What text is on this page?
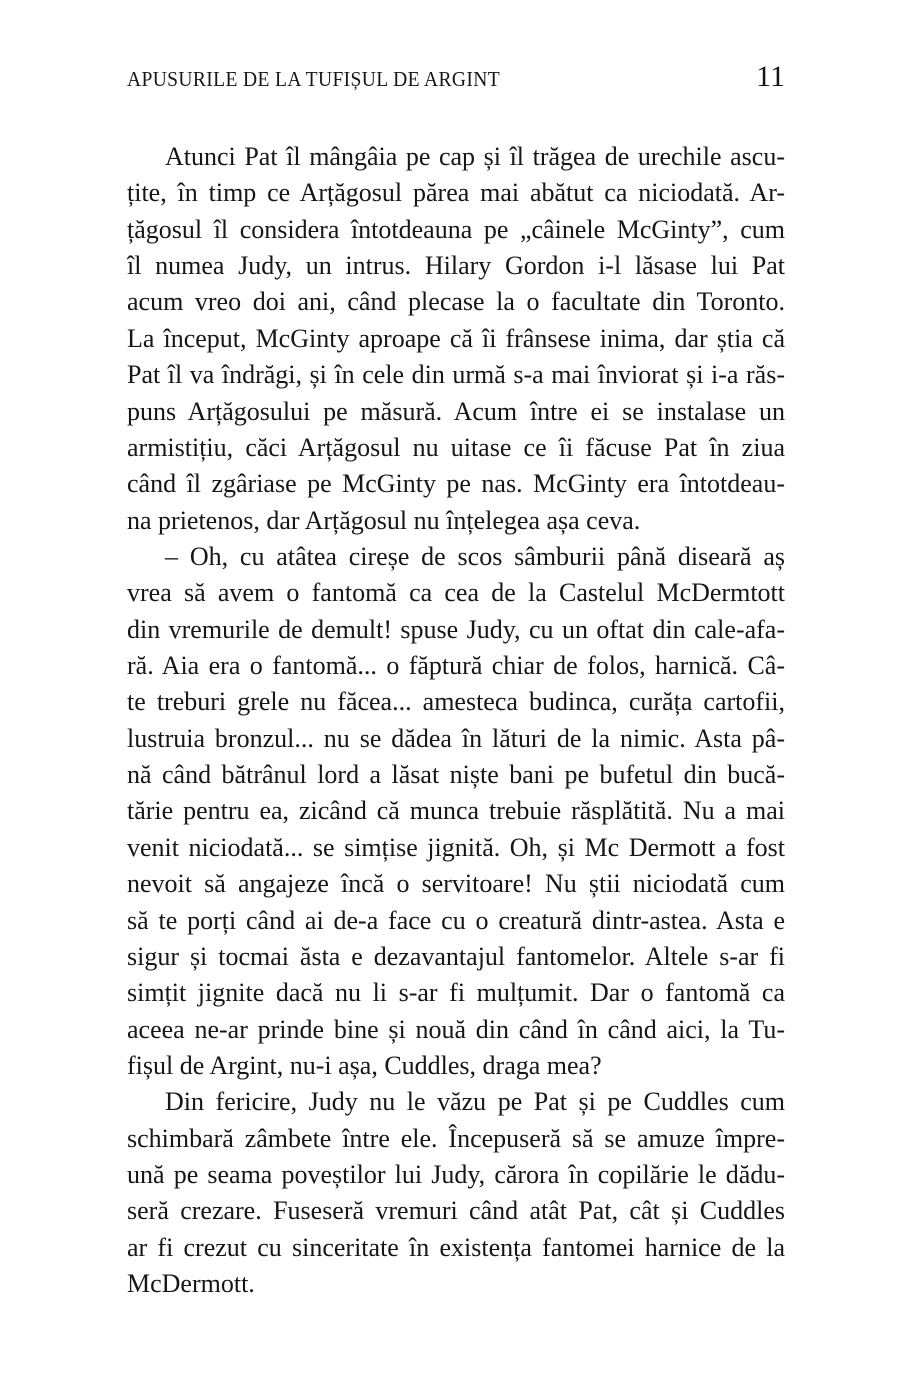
APUSURILE DE LA TUFIȘUL DE ARGINT	11
Atunci Pat îl mângâia pe cap și îl trăgea de urechile ascu-
țite, în timp ce Arțăgosul părea mai abătut ca niciodată. Ar-
țăgosul îl considera întotdeauna pe „câinele McGinty”, cum
îl numea Judy, un intrus. Hilary Gordon i-l lăsase lui Pat
acum vreo doi ani, când plecase la o facultate din Toronto.
La început, McGinty aproape că îi frânsese inima, dar știa că
Pat îl va îndrăgi, și în cele din urmă s-a mai înviorat și i-a răs-
puns Arțăgosului pe măsură. Acum între ei se instalase un
armistițiu, căci Arțăgosul nu uitase ce îi făcuse Pat în ziua
când îl zgâriase pe McGinty pe nas. McGinty era întotdeau-
na prietenos, dar Arțăgosul nu înțelegea așa ceva.
– Oh, cu atâtea cireșe de scos sâmburii până diseară aș
vrea să avem o fantomă ca cea de la Castelul McDermtott
din vremurile de demult! spuse Judy, cu un oftat din cale-afa-
ră. Aia era o fantomă... o făptură chiar de folos, harnică. Câ-
te treburi grele nu făcea... amesteca budinca, curăța cartofii,
lustruia bronzul... nu se dădea în lături de la nimic. Asta pâ-
nă când bătrânul lord a lăsat niște bani pe bufetul din bucă-
tărie pentru ea, zicând că munca trebuie răsplătită. Nu a mai
venit niciodată... se simțise jignită. Oh, și Mc Dermott a fost
nevoit să angajeze încă o servitoare! Nu știi niciodată cum
să te porți când ai de-a face cu o creatură dintr-astea. Asta e
sigur și tocmai ăsta e dezavantajul fantomelor. Altele s-ar fi
simțit jignite dacă nu li s-ar fi mulțumit. Dar o fantomă ca
aceea ne-ar prinde bine și nouă din când în când aici, la Tu-
fișul de Argint, nu-i așa, Cuddles, draga mea?
Din fericire, Judy nu le văzu pe Pat și pe Cuddles cum
schimbară zâmbete între ele. Începuseră să se amuze împre-
ună pe seama poveștilor lui Judy, cărora în copilărie le dădu-
seră crezare. Fuseseră vremuri când atât Pat, cât și Cuddles
ar fi crezut cu sinceritate în existența fantomei harnice de la
McDermott.
